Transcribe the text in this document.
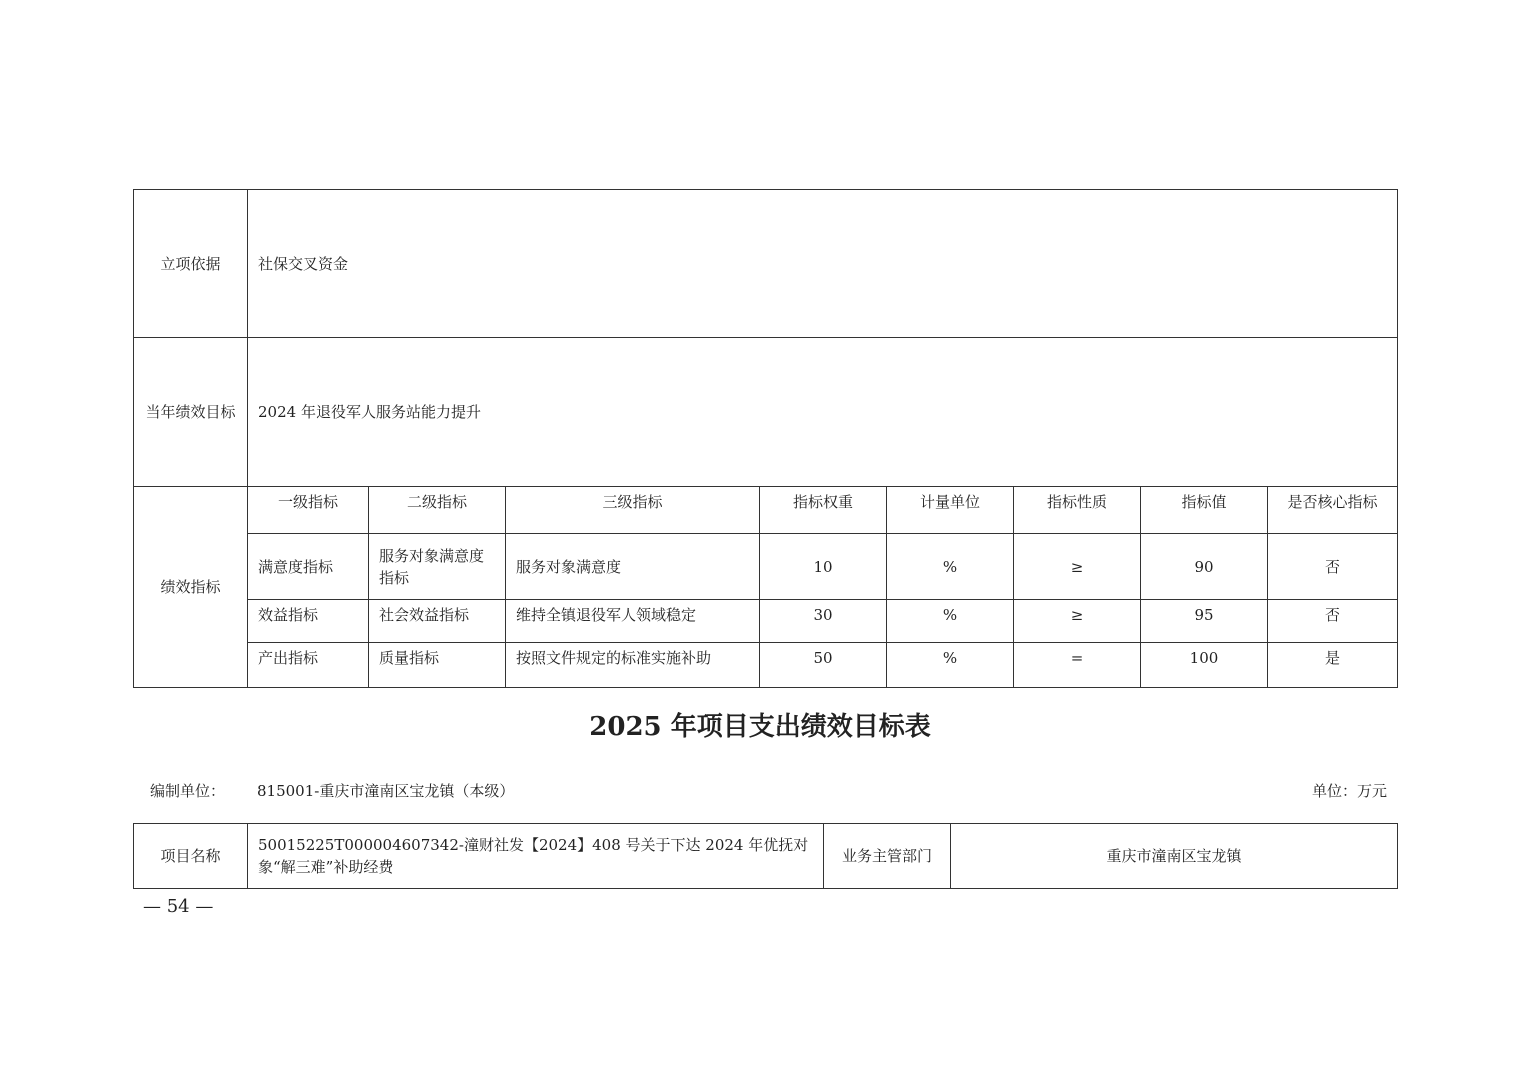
立项依据	社保交叉资金							
当年绩效目标	2024 年退役军人服务站能力提升							
绩效指标	一级指标	二级指标	三级指标	指标权重	计量单位	指标性质	指标值	是否核心指标
	满意度指标	服务对象满意度指标	服务对象满意度	10	%	≥	90	否
	效益指标	社会效益指标	维持全镇退役军人领域稳定	30	%	≥	95	否
	产出指标	质量指标	按照文件规定的标准实施补助	50	%	=	100	是
2025 年项目支出绩效目标表
编制单位： 815001-重庆市潼南区宝龙镇（本级）	单位：万元
项目名称	50015225T000004607342-潼财社发【2024】408 号关于下达 2024 年优抚对象“解三难”补助经费	业务主管部门	重庆市潼南区宝龙镇
— 54 —
